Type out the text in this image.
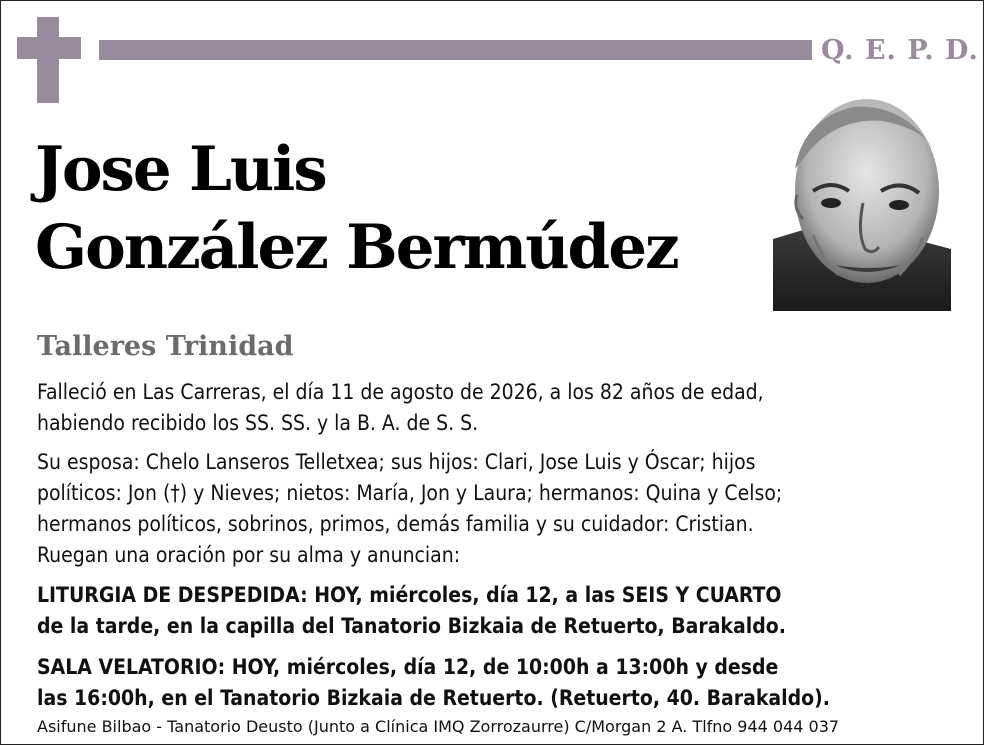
Q. E. P. D.
Jose Luis
González Bermúdez
Talleres Trinidad
Falleció en Las Carreras, el día 11 de agosto de 2026, a los 82 años de edad,
habiendo recibido los SS. SS. y la B. A. de S. S.
Su esposa: Chelo Lanseros Telletxea; sus hijos: Clari, Jose Luis y Óscar; hijos
políticos: Jon (†) y Nieves; nietos: María, Jon y Laura; hermanos: Quina y Celso;
hermanos políticos, sobrinos, primos, demás familia y su cuidador: Cristian.
Ruegan una oración por su alma y anuncian:
LITURGIA DE DESPEDIDA: HOY, miércoles, día 12, a las SEIS Y CUARTO
de la tarde, en la capilla del Tanatorio Bizkaia de Retuerto, Barakaldo.
SALA VELATORIO: HOY, miércoles, día 12, de 10:00h a 13:00h y desde
las 16:00h, en el Tanatorio Bizkaia de Retuerto. (Retuerto, 40. Barakaldo).
Asifune Bilbao - Tanatorio Deusto (Junto a Clínica IMQ Zorrozaurre) C/Morgan 2 A. Tlfno 944 044 037
